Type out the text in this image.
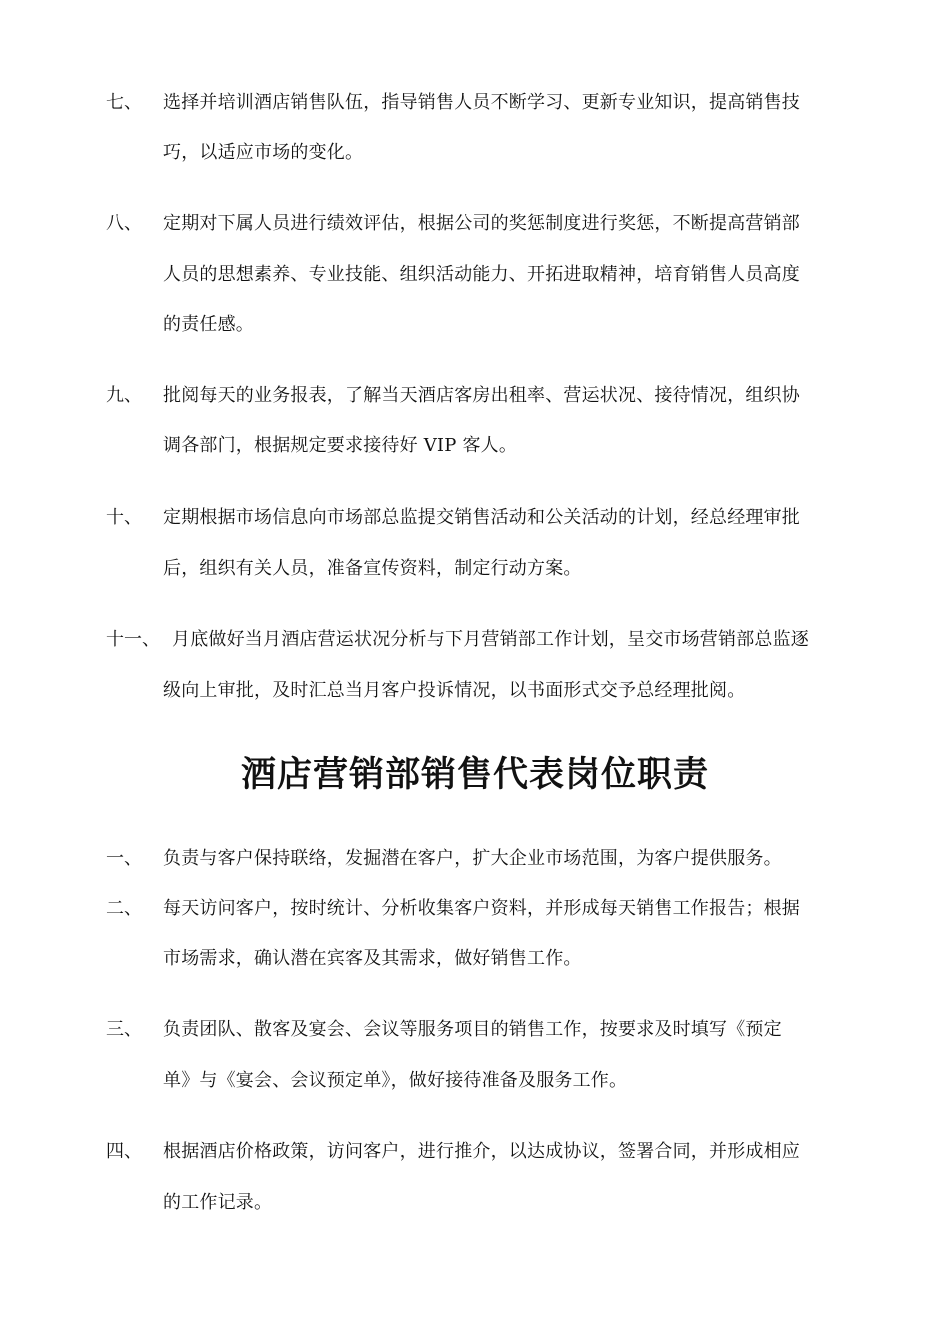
七、 选择并培训酒店销售队伍，指导销售人员不断学习、更新专业知识，提高销售技
巧，以适应市场的变化。
八、 定期对下属人员进行绩效评估，根据公司的奖惩制度进行奖惩，不断提高营销部
人员的思想素养、专业技能、组织活动能力、开拓进取精神，培育销售人员高度
的责任感。
九、 批阅每天的业务报表，了解当天酒店客房出租率、营运状况、接待情况，组织协
调各部门，根据规定要求接待好 VIP 客人。
十、 定期根据市场信息向市场部总监提交销售活动和公关活动的计划，经总经理审批
后，组织有关人员，准备宣传资料，制定行动方案。
十一、 月底做好当月酒店营运状况分析与下月营销部工作计划，呈交市场营销部总监逐
级向上审批，及时汇总当月客户投诉情况，以书面形式交予总经理批阅。
酒店营销部销售代表岗位职责
一、 负责与客户保持联络，发掘潜在客户，扩大企业市场范围，为客户提供服务。
二、 每天访问客户，按时统计、分析收集客户资料，并形成每天销售工作报告；根据
市场需求，确认潜在宾客及其需求，做好销售工作。
三、 负责团队、散客及宴会、会议等服务项目的销售工作，按要求及时填写《预定
单》与《宴会、会议预定单》，做好接待准备及服务工作。
四、 根据酒店价格政策，访问客户，进行推介，以达成协议，签署合同，并形成相应
的工作记录。
